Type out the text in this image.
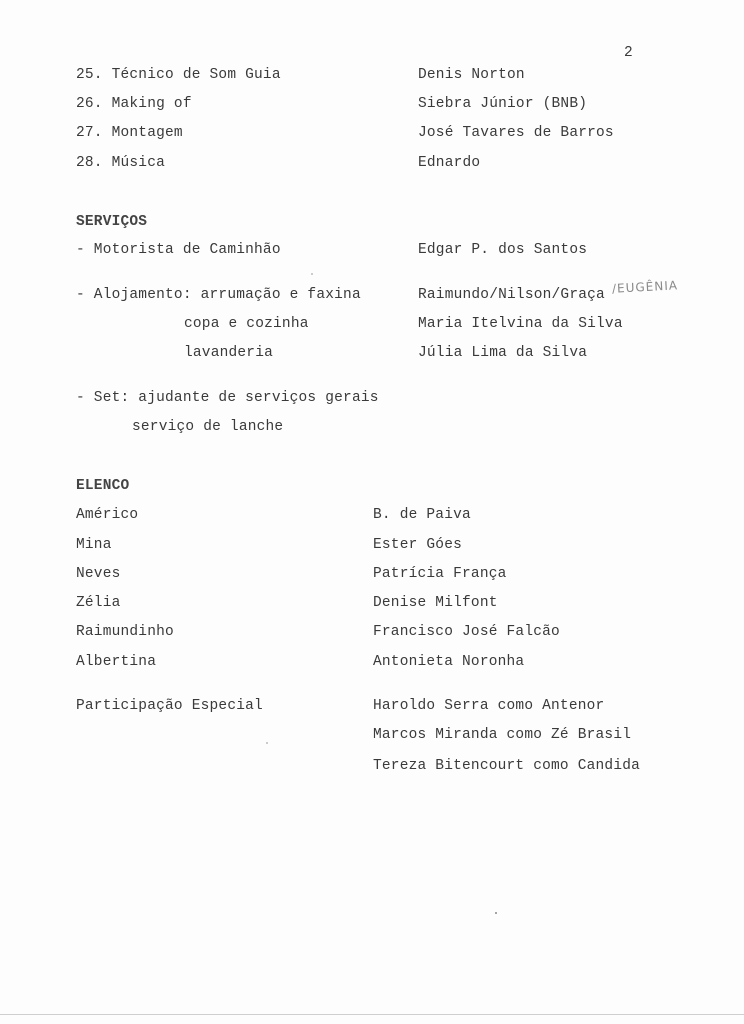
2
25. Técnico de Som Guia	Denis Norton
26. Making of	Siebra Júnior (BNB)
27. Montagem	José Tavares de Barros
28. Música	Ednardo
SERVIÇOS
- Motorista de Caminhão	Edgar P. dos Santos
- Alojamento: arrumação e faxina	Raimundo/Nilson/Graça /EUGÊNIA
copa e cozinha	Maria Itelvina da Silva
lavanderia	Júlia Lima da Silva
- Set: ajudante de serviços gerais
serviço de lanche
ELENCO
Américo	B. de Paiva
Mina	Ester Góes
Neves	Patrícia França
Zélia	Denise Milfont
Raimundinho	Francisco José Falcão
Albertina	Antonieta Noronha
Participação Especial	Haroldo Serra como Antenor
Marcos Miranda como Zé Brasil
Tereza Bitencourt como Candida
